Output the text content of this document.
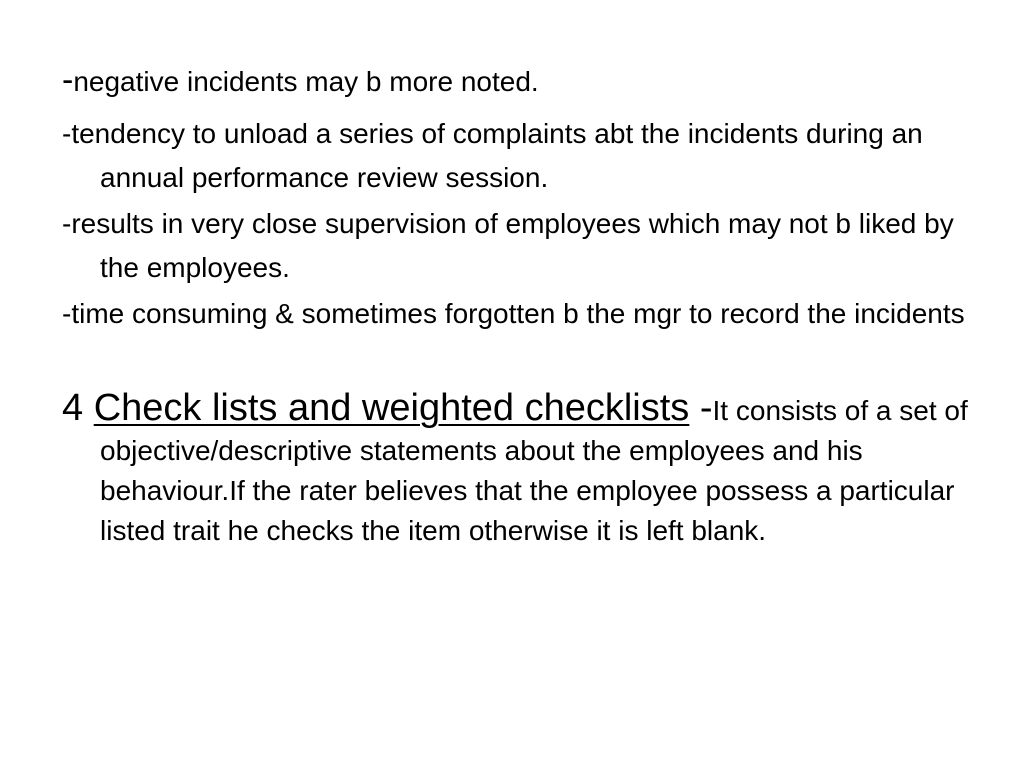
-negative incidents may b more noted.

-tendency to unload a series of complaints abt the incidents during an annual performance review session.

-results in very close supervision of employees which may not b liked by the employees.

-time consuming & sometimes forgotten b the mgr to record the incidents

4 Check lists and weighted checklists -It consists of a set of objective/descriptive statements about the employees and his behaviour.If the rater believes that the employee possess a particular listed trait he checks the item otherwise it is left blank.
